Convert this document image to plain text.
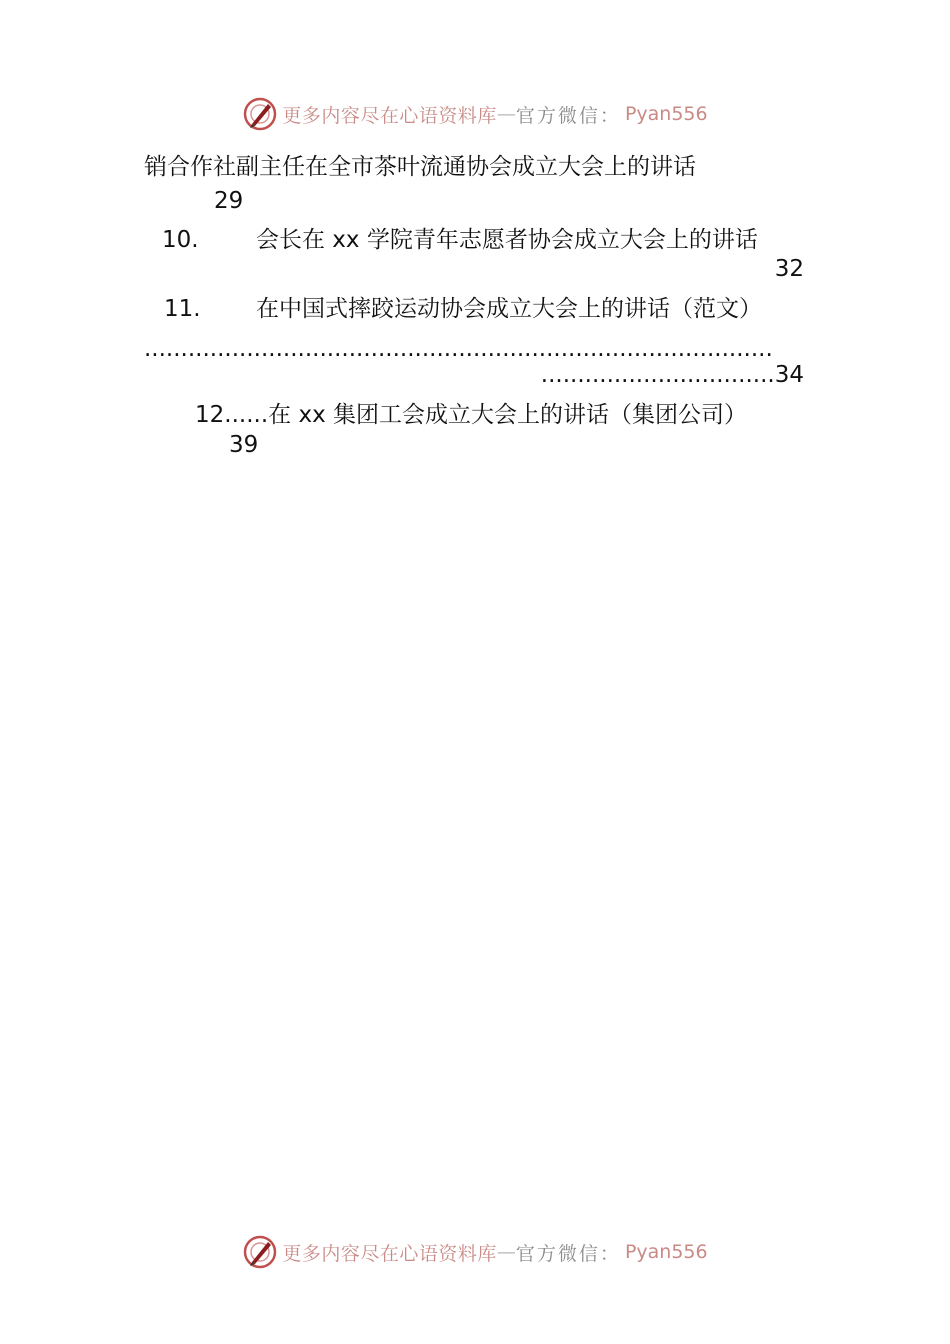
更多内容尽在心语资料库 — 官方微信： Pyan556
销合作社副主任在全市茶叶流通协会成立大会上的讲话
29
10. 会长在 xx 学院青年志愿者协会成立大会上的讲话
32
11. 在中国式摔跤运动协会成立大会上的讲话（范文）
......................................................................................
................................34
12......在 xx 集团工会成立大会上的讲话（集团公司）
39
更多内容尽在心语资料库 — 官方微信： Pyan556
